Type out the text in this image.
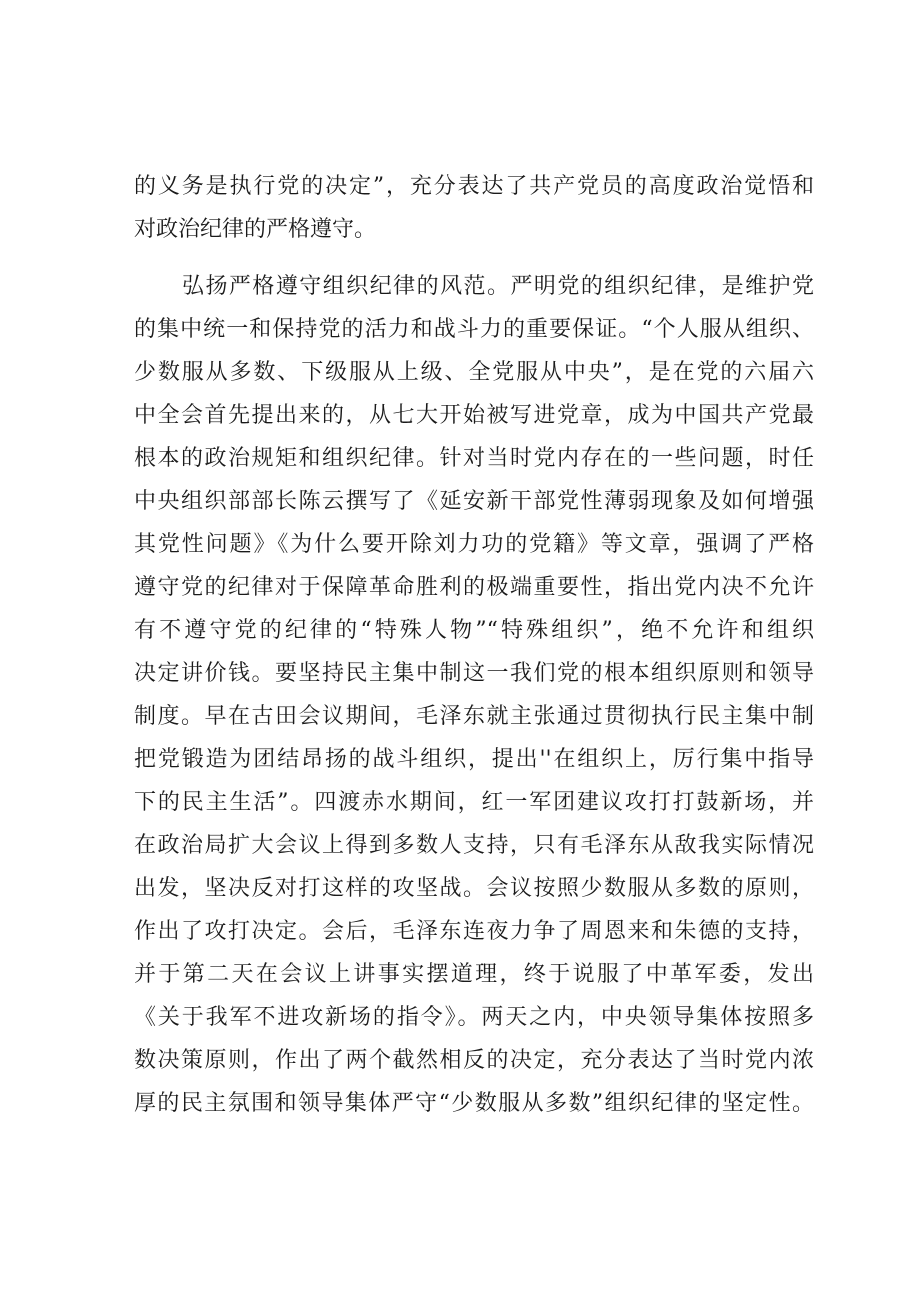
的义务是执行党的决定”，充分表达了共产党员的高度政治觉悟和
对政治纪律的严格遵守。
弘扬严格遵守组织纪律的风范。严明党的组织纪律，是维护党
的集中统一和保持党的活力和战斗力的重要保证。“个人服从组织、
少数服从多数、下级服从上级、全党服从中央”，是在党的六届六
中全会首先提出来的，从七大开始被写进党章，成为中国共产党最
根本的政治规矩和组织纪律。针对当时党内存在的一些问题，时任
中央组织部部长陈云撰写了《延安新干部党性薄弱现象及如何增强
其党性问题》《为什么要开除刘力功的党籍》等文章，强调了严格
遵守党的纪律对于保障革命胜利的极端重要性，指出党内决不允许
有不遵守党的纪律的“特殊人物”“特殊组织”，绝不允许和组织
决定讲价钱。要坚持民主集中制这一我们党的根本组织原则和领导
制度。早在古田会议期间，毛泽东就主张通过贯彻执行民主集中制
把党锻造为团结昂扬的战斗组织，提出''在组织上，厉行集中指导
下的民主生活”。四渡赤水期间，红一军团建议攻打打鼓新场，并
在政治局扩大会议上得到多数人支持，只有毛泽东从敌我实际情况
出发，坚决反对打这样的攻坚战。会议按照少数服从多数的原则，
作出了攻打决定。会后，毛泽东连夜力争了周恩来和朱德的支持，
并于第二天在会议上讲事实摆道理，终于说服了中革军委，发出
《关于我军不进攻新场的指令》。两天之内，中央领导集体按照多
数决策原则，作出了两个截然相反的决定，充分表达了当时党内浓
厚的民主氛围和领导集体严守“少数服从多数”组织纪律的坚定性。
